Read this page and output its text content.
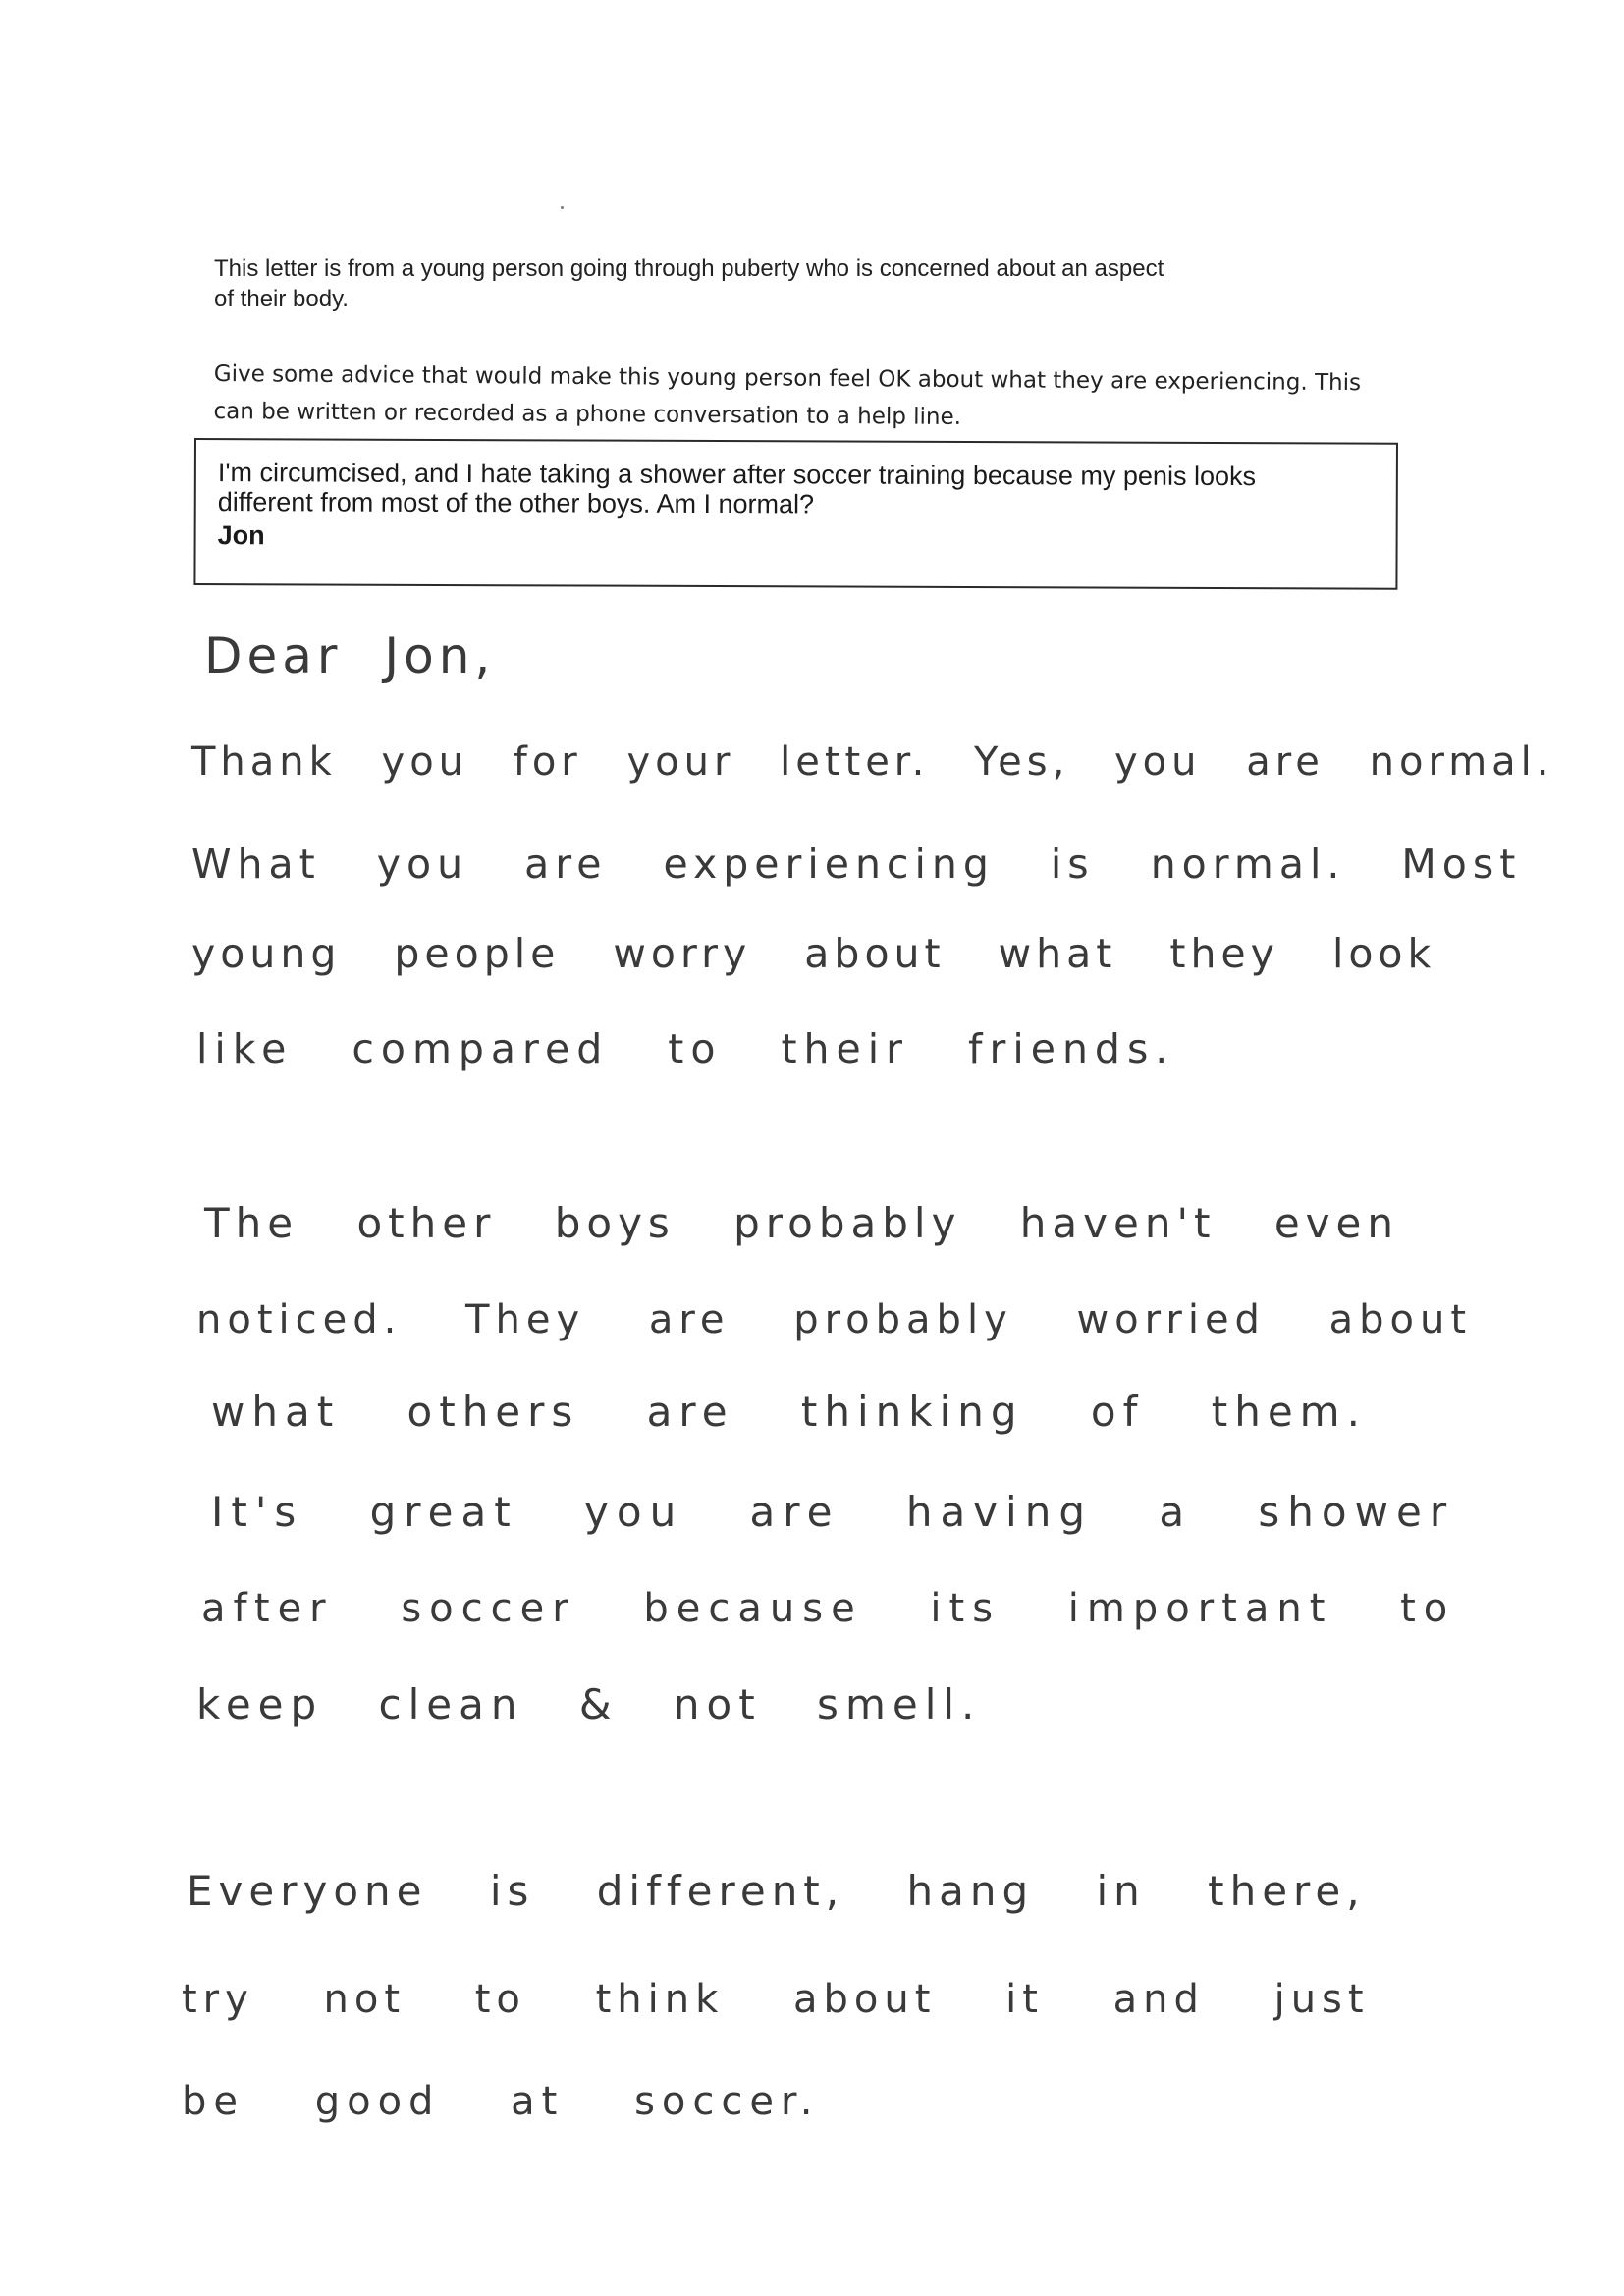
This letter is from a young person going through puberty who is concerned about an aspect

of their body.

Give some advice that would make this young person feel OK about what they are experiencing. This

can be written or recorded as a phone conversation to a help line.

I'm circumcised, and I hate taking a shower after soccer training because my penis looks

different from most of the other boys. Am I normal?

Jon
Dear Jon,
Thank you for your letter. Yes, you are normal.
What you are experiencing is normal. Most
young people worry about what they look
like compared to their friends.
The other boys probably haven't even
noticed. They are probably worried about
what others are thinking of them.
It's great you are having a shower
after soccer because its important to
keep clean & not smell.
Everyone is different, hang in there,
try not to think about it and just
be good at soccer.
